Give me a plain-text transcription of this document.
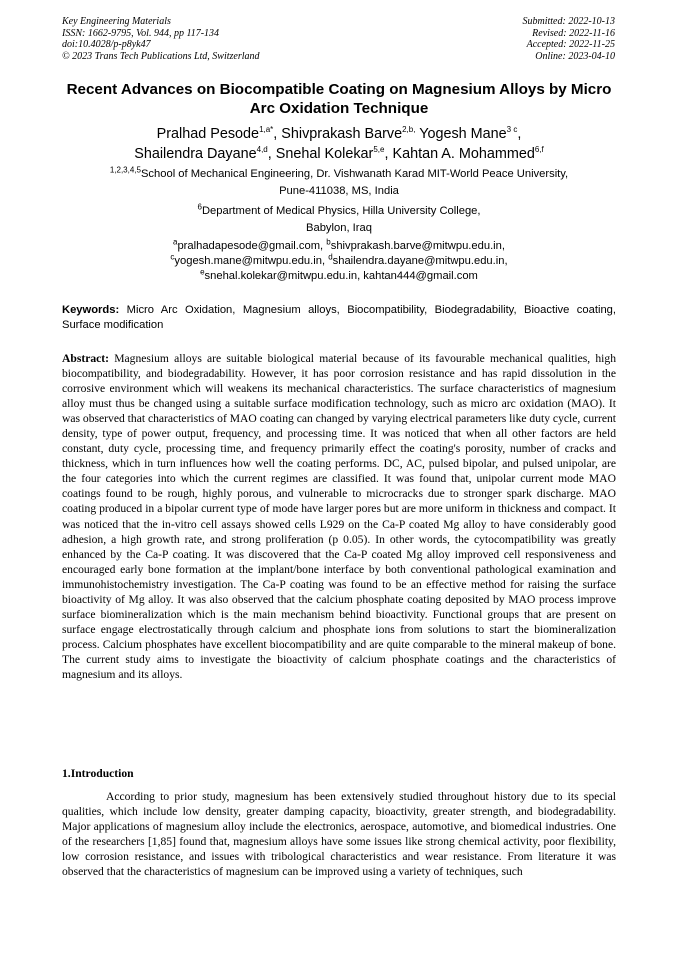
Key Engineering Materials
ISSN: 1662-9795, Vol. 944, pp 117-134
doi:10.4028/p-p8yk47
© 2023 Trans Tech Publications Ltd, Switzerland
Submitted: 2022-10-13
Revised: 2022-11-16
Accepted: 2022-11-25
Online: 2023-04-10
Recent Advances on Biocompatible Coating on Magnesium Alloys by Micro Arc Oxidation Technique
Pralhad Pesode$^{1,a*}$, Shivprakash Barve$^{2,b,}$ Yogesh Mane$^{3 c}$,
Shailendra Dayane$^{4,d}$, Snehal Kolekar$^{5,e}$, Kahtan A. Mohammed$^{6,f}$
$^{1,2,3,4,5}$School of Mechanical Engineering, Dr. Vishwanath Karad MIT-World Peace University,
Pune-411038, MS, India
$^6$Department of Medical Physics, Hilla University College,
Babylon, Iraq
$^a$pralhadapesode@gmail.com, $^b$shivprakash.barve@mitwpu.edu.in,
$^c$yogesh.mane@mitwpu.edu.in, $^d$shailendra.dayane@mitwpu.edu.in,
$^e$snehal.kolekar@mitwpu.edu.in, kahtan444@gmail.com
Keywords: Micro Arc Oxidation, Magnesium alloys, Biocompatibility, Biodegradability, Bioactive coating, Surface modification
Abstract: Magnesium alloys are suitable biological material because of its favourable mechanical qualities, high biocompatibility, and biodegradability. However, it has poor corrosion resistance and has rapid dissolution in the corrosive environment which will weakens its mechanical characteristics. The surface characteristics of magnesium alloy must thus be changed using a suitable surface modification technology, such as micro arc oxidation (MAO). It was observed that characteristics of MAO coating can changed by varying electrical parameters like duty cycle, current density, type of power output, frequency, and processing time. It was noticed that when all other factors are held constant, duty cycle, processing time, and frequency primarily effect the coating's porosity, number of cracks and thickness, which in turn influences how well the coating performs. DC, AC, pulsed bipolar, and pulsed unipolar, are the four categories into which the current regimes are classified. It was found that, unipolar current mode MAO coatings found to be rough, highly porous, and vulnerable to microcracks due to stronger spark discharge. MAO coating produced in a bipolar current type of mode have larger pores but are more uniform in thickness and compact. It was noticed that the in-vitro cell assays showed cells L929 on the Ca-P coated Mg alloy to have considerably good adhesion, a high growth rate, and strong proliferation (p 0.05). In other words, the cytocompatibility was greatly enhanced by the Ca-P coating. It was discovered that the Ca-P coated Mg alloy improved cell responsiveness and encouraged early bone formation at the implant/bone interface by both conventional pathological examination and immunohistochemistry investigation. The Ca-P coating was found to be an effective method for raising the surface bioactivity of Mg alloy. It was also observed that the calcium phosphate coating deposited by MAO process improve surface biomineralization which is the main mechanism behind bioactivity. Functional groups that are present on surface engage electrostatically through calcium and phosphate ions from solutions to start the biomineralization process. Calcium phosphates have excellent biocompatibility and are quite comparable to the mineral makeup of bone. The current study aims to investigate the bioactivity of calcium phosphate coatings and the characteristics of magnesium and its alloys.
1.Introduction
According to prior study, magnesium has been extensively studied throughout history due to its special qualities, which include low density, greater damping capacity, bioactivity, greater strength, and biodegradability. Major applications of magnesium alloy include the electronics, aerospace, automotive, and biomedical industries. One of the researchers [1,85] found that, magnesium alloys have some issues like strong chemical activity, poor flexibility, low corrosion resistance, and issues with tribological characteristics and wear resistance. From literature it was observed that the characteristics of magnesium can be improved using a variety of techniques, such
